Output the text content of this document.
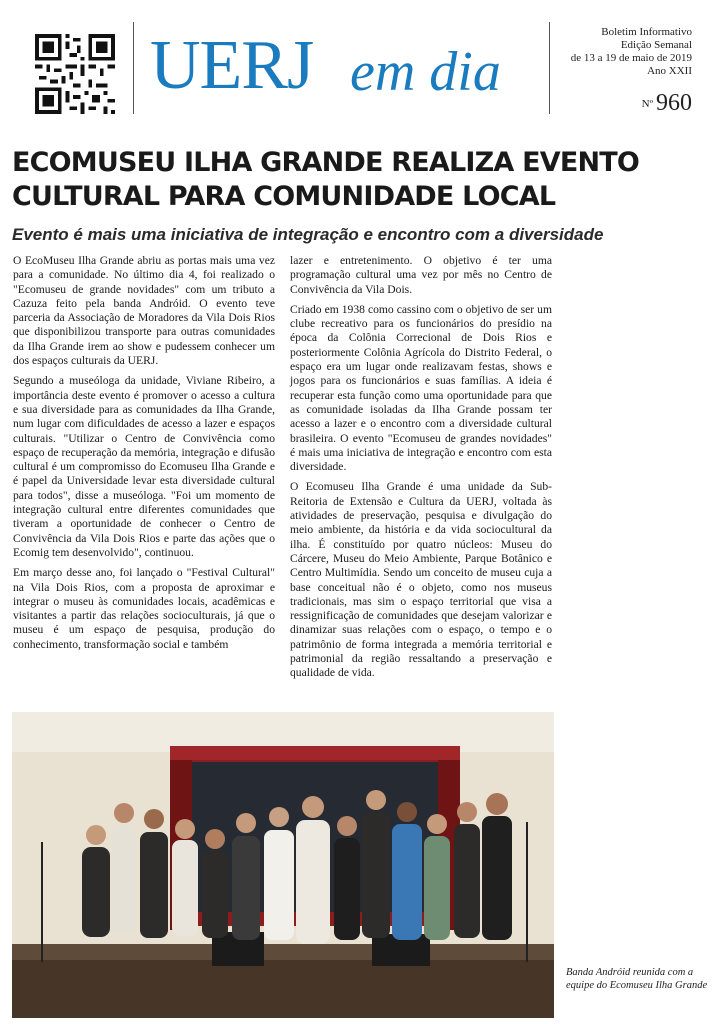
UERJ em dia
Boletim Informativo
Edição Semanal
de 13 a 19 de maio de 2019
Ano XXII
Nº 960
ECOMUSEU ILHA GRANDE REALIZA EVENTO CULTURAL PARA COMUNIDADE LOCAL
Evento é mais uma iniciativa de integração e encontro com a diversidade

O EcoMuseu Ilha Grande abriu as portas mais uma vez para a comunidade. No último dia 4, foi realizado o "Ecomuseu de grande novidades" com um tributo a Cazuza feito pela banda Andróid. O evento teve parceria da Associação de Moradores da Vila Dois Rios que disponibilizou transporte para outras comunidades da Ilha Grande irem ao show e pudessem conhecer um dos espaços culturais da UERJ.

Segundo a museóloga da unidade, Viviane Ribeiro, a importância deste evento é promover o acesso a cultura e sua diversidade para as comunidades da Ilha Grande, num lugar com dificuldades de acesso a lazer e espaços culturais. "Utilizar o Centro de Convivência como espaço de recuperação da memória, integração e difusão cultural é um compromisso do Ecomuseu Ilha Grande e é papel da Universidade levar esta diversidade cultural para todos", disse a museóloga. "Foi um momento de integração cultural entre diferentes comunidades que tiveram a oportunidade de conhecer o Centro de Convivência da Vila Dois Rios e parte das ações que o Ecomig tem desenvolvido", continuou.

Em março desse ano, foi lançado o "Festival Cultural" na Vila Dois Rios, com a proposta de aproximar e integrar o museu às comunidades locais, acadêmicas e visitantes a partir das relações socioculturais, já que o museu é um espaço de pesquisa, produção do conhecimento, transformação social e também

lazer e entretenimento. O objetivo é ter uma programação cultural uma vez por mês no Centro de Convivência da Vila Dois.

Criado em 1938 como cassino com o objetivo de ser um clube recreativo para os funcionários do presídio na época da Colônia Correcional de Dois Rios e posteriormente Colônia Agrícola do Distrito Federal, o espaço era um lugar onde realizavam festas, shows e jogos para os funcionários e suas famílias. A ideia é recuperar esta função como uma oportunidade para que as comunidade isoladas da Ilha Grande possam ter acesso a lazer e o encontro com a diversidade cultural brasileira. O evento "Ecomuseu de grandes novidades" é mais uma iniciativa de integração e encontro com esta diversidade.

O Ecomuseu Ilha Grande é uma unidade da Sub-Reitoria de Extensão e Cultura da UERJ, voltada às atividades de preservação, pesquisa e divulgação do meio ambiente, da história e da vida sociocultural da ilha. É constituído por quatro núcleos: Museu do Cárcere, Museu do Meio Ambiente, Parque Botânico e Centro Multimídia. Sendo um conceito de museu cuja a base conceitual não é o objeto, como nos museus tradicionais, mas sim o espaço territorial que visa a ressignificação de comunidades que desejam valorizar e dinamizar suas relações com o espaço, o tempo e o patrimônio de forma integrada a memória territorial e patrimonial da região ressaltando a preservação e qualidade de vida.

Banda Andróid reunida com a equipe do Ecomuseu Ilha Grande
